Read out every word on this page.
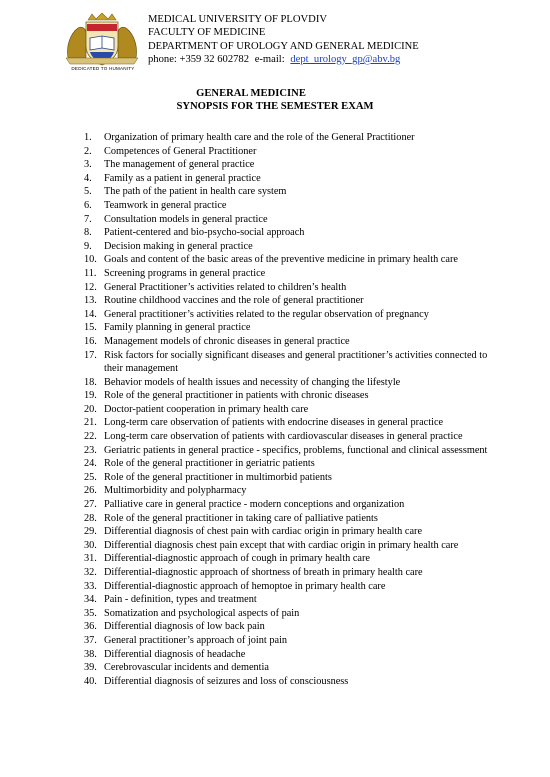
DEDICATED TO HUMANITY
MEDICAL UNIVERSITY OF PLOVDIV
FACULTY OF MEDICINE
DEPARTMENT OF UROLOGY AND GENERAL MEDICINE
phone: +359 32 602782 e-mail: dept_urology_gp@abv.bg
GENERAL MEDICINE
SYNOPSIS FOR THE SEMESTER EXAM
1. Organization of primary health care and the role of the General Practitioner
2. Competences of General Practitioner
3. The management of general practice
4. Family as a patient in general practice
5. The path of the patient in health care system
6. Teamwork in general practice
7. Consultation models in general practice
8. Patient-centered and bio-psycho-social approach
9. Decision making in general practice
10. Goals and content of the basic areas of the preventive medicine in primary health care
11. Screening programs in general practice
12. General Practitioner’s activities related to children’s health
13. Routine childhood vaccines and the role of general practitioner
14. General practitioner’s activities related to the regular observation of pregnancy
15. Family planning in general practice
16. Management models of chronic diseases in general practice
17. Risk factors for socially significant diseases and general practitioner’s activities connected to their management
18. Behavior models of health issues and necessity of changing the lifestyle
19. Role of the general practitioner in patients with chronic diseases
20. Doctor-patient cooperation in primary health care
21. Long-term care observation of patients with endocrine diseases in general practice
22. Long-term care observation of patients with cardiovascular diseases in general practice
23. Geriatric patients in general practice - specifics, problems, functional and clinical assessment
24. Role of the general practitioner in geriatric patients
25. Role of the general practitioner in multimorbid patients
26. Multimorbidity and polypharmacy
27. Palliative care in general practice - modern conceptions and organization
28. Role of the general practitioner in taking care of palliative patients
29. Differential diagnosis of chest pain with cardiac origin in primary health care
30. Differential diagnosis chest pain except that with cardiac origin in primary health care
31. Differential-diagnostic approach of cough in primary health care
32. Differential-diagnostic approach of shortness of breath in primary health care
33. Differential-diagnostic approach of hemoptoe in primary health care
34. Pain - definition, types and treatment
35. Somatization and psychological aspects of pain
36. Differential diagnosis of low back pain
37. General practitioner’s approach of joint pain
38. Differential diagnosis of headache
39. Cerebrovascular incidents and dementia
40. Differential diagnosis of seizures and loss of consciousness
